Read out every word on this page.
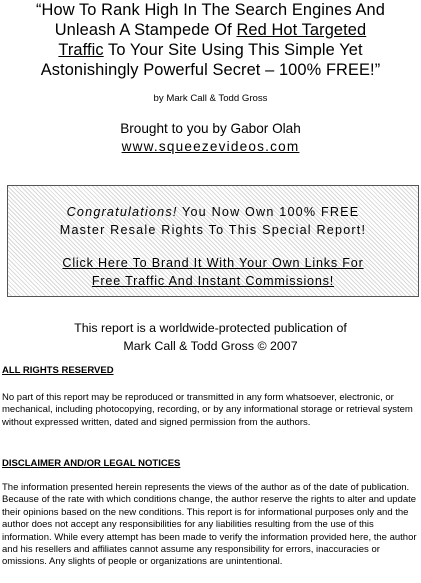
“How To Rank High In The Search Engines And
Unleash A Stampede Of Red Hot Targeted
Traffic To Your Site Using This Simple Yet
Astonishingly Powerful Secret – 100% FREE!”
by Mark Call & Todd Gross
Brought to you by Gabor Olah
www.squeezevideos.com
Congratulations! You Now Own 100% FREE
Master Resale Rights To This Special Report!
Click Here To Brand It With Your Own Links For
Free Traffic And Instant Commissions!
This report is a worldwide-protected publication of
Mark Call & Todd Gross © 2007
ALL RIGHTS RESERVED

No part of this report may be reproduced or transmitted in any form whatsoever, electronic, or mechanical, including photocopying, recording, or by any informational storage or retrieval system without expressed written, dated and signed permission from the authors.

DISCLAIMER AND/OR LEGAL NOTICES

The information presented herein represents the views of the author as of the date of publication. Because of the rate with which conditions change, the author reserve the rights to alter and update their opinions based on the new conditions. This report is for informational purposes only and the author does not accept any responsibilities for any liabilities resulting from the use of this information. While every attempt has been made to verify the information provided here, the author and his resellers and affiliates cannot assume any responsibility for errors, inaccuracies or omissions. Any slights of people or organizations are unintentional.
